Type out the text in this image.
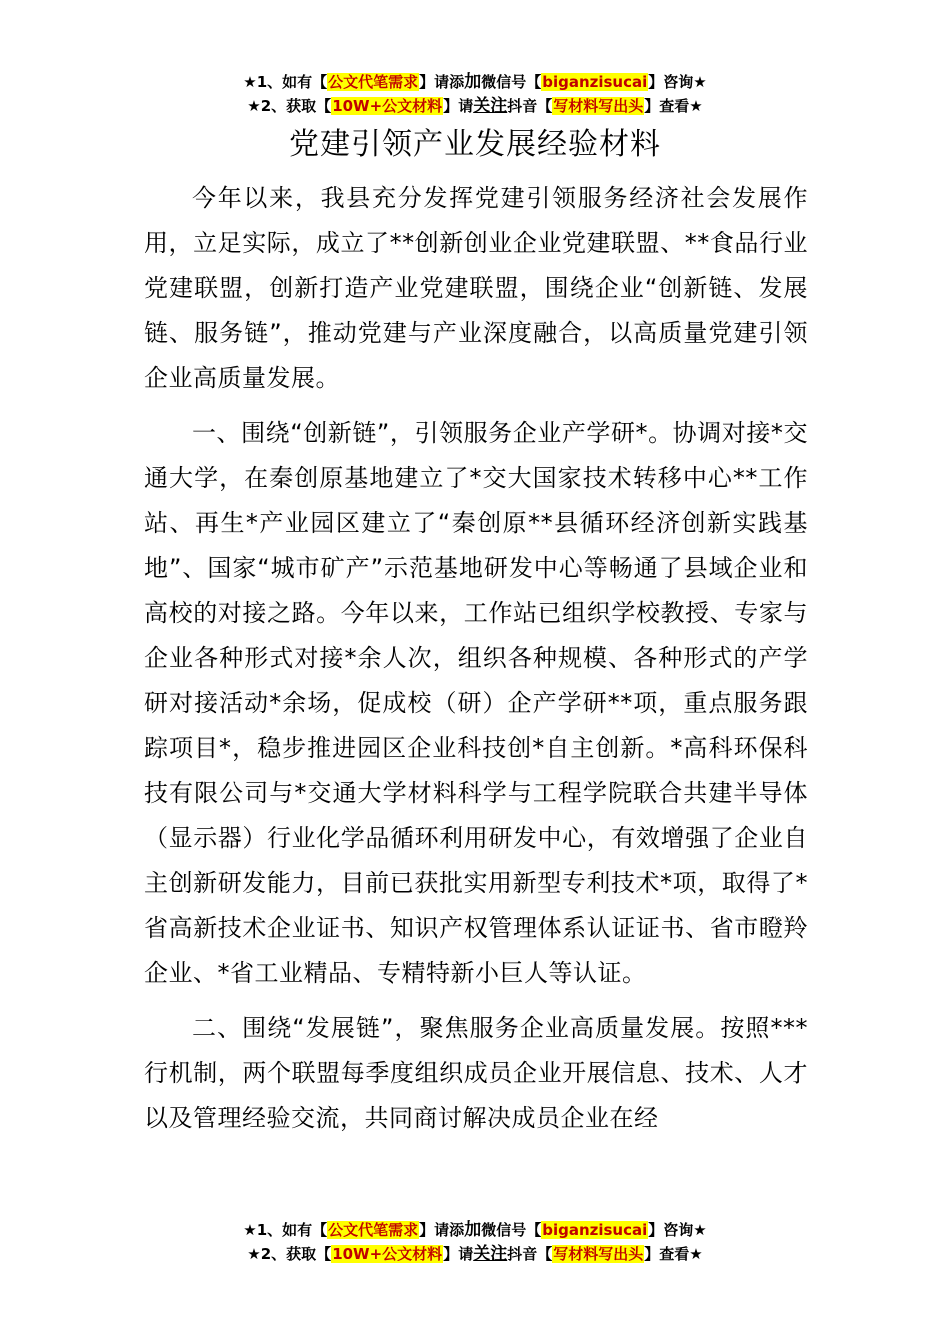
★1、如有【公文代笔需求】请添加微信号【biganzisucai】咨询★
★2、获取【10W+公文材料】请关注抖音【写材料写出头】查看★
党建引领产业发展经验材料

今年以来，我县充分发挥党建引领服务经济社会发展作用，立足实际，成立了**创新创业企业党建联盟、**食品行业党建联盟，创新打造产业党建联盟，围绕企业“创新链、发展链、服务链”，推动党建与产业深度融合，以高质量党建引领企业高质量发展。

一、围绕“创新链”，引领服务企业产学研*。协调对接*交通大学，在秦创原基地建立了*交大国家技术转移中心**工作站、再生*产业园区建立了“秦创原**县循环经济创新实践基地”、国家“城市矿产”示范基地研发中心等畅通了县域企业和高校的对接之路。今年以来，工作站已组织学校教授、专家与企业各种形式对接*余人次，组织各种规模、各种形式的产学研对接活动*余场，促成校（研）企产学研**项，重点服务跟踪项目*，稳步推进园区企业科技创*自主创新。*高科环保科技有限公司与*交通大学材料科学与工程学院联合共建半导体（显示器）行业化学品循环利用研发中心，有效增强了企业自主创新研发能力，目前已获批实用新型专利技术*项，取得了*省高新技术企业证书、知识产权管理体系认证证书、省市瞪羚企业、*省工业精品、专精特新小巨人等认证。

二、围绕“发展链”，聚焦服务企业高质量发展。按照***行机制，两个联盟每季度组织成员企业开展信息、技术、人才以及管理经验交流，共同商讨解决成员企业在经

★1、如有【公文代笔需求】请添加微信号【biganzisucai】咨询★
★2、获取【10W+公文材料】请关注抖音【写材料写出头】查看★
